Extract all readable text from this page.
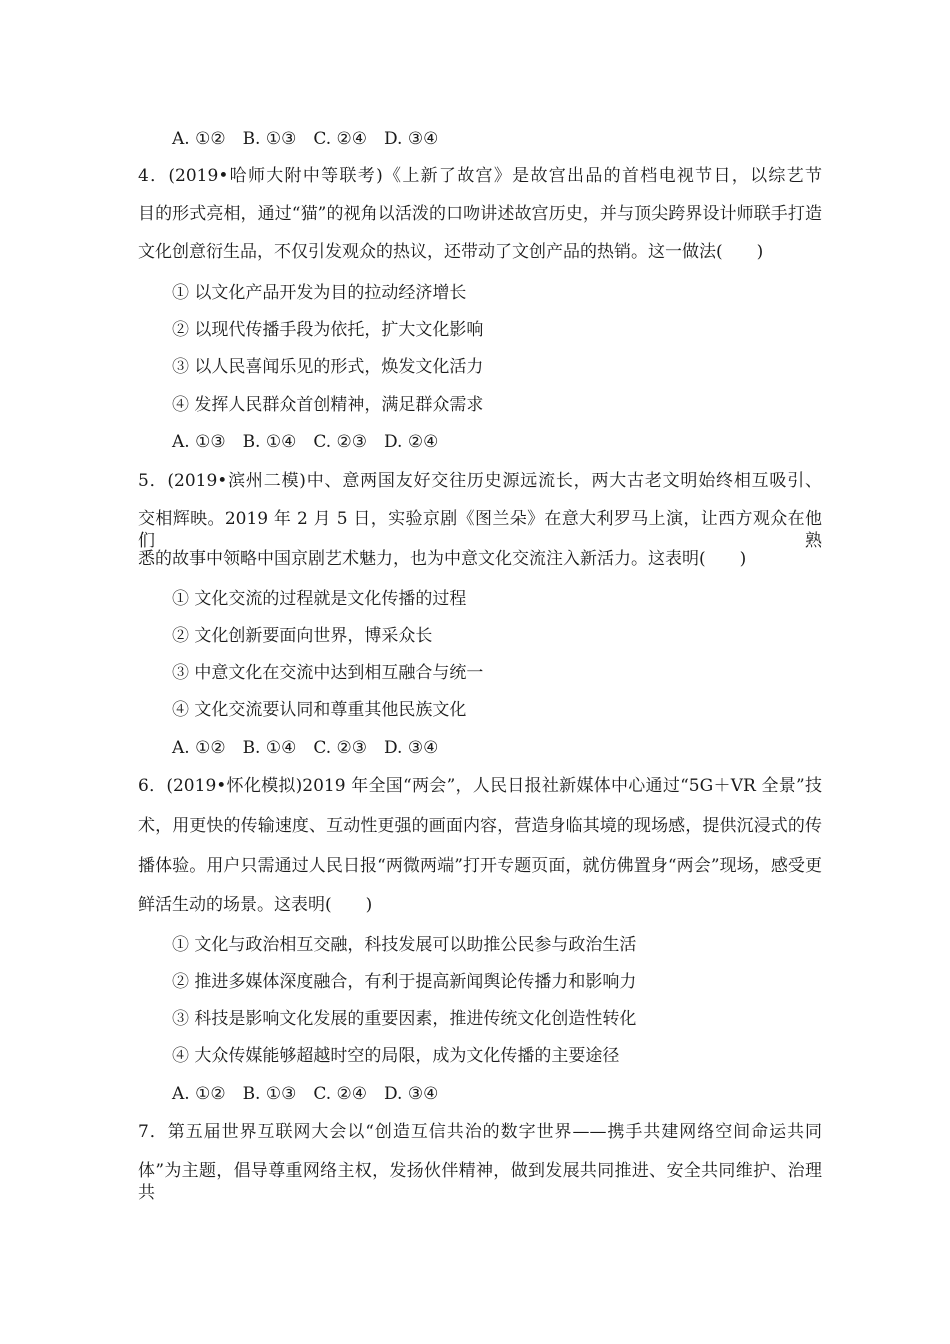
A. ①②　B. ①③　C. ②④　D. ③④
4．(2019•哈师大附中等联考)《上新了故宫》是故宫出品的首档电视节日，以综艺节
目的形式亮相，通过“猫”的视角以活泼的口吻讲述故宫历史，并与顶尖跨界设计师联手打造
文化创意衍生品，不仅引发观众的热议，还带动了文创产品的热销。这一做法(　　)
① 以文化产品开发为目的拉动经济增长
② 以现代传播手段为依托，扩大文化影响
③ 以人民喜闻乐见的形式，焕发文化活力
④ 发挥人民群众首创精神，满足群众需求
A. ①③　B. ①④　C. ②③　D. ②④
5．(2019•滨州二模)中、意两国友好交往历史源远流长，两大古老文明始终相互吸引、
交相辉映。2019 年 2 月 5 日，实验京剧《图兰朵》在意大利罗马上演，让西方观众在他们熟
悉的故事中领略中国京剧艺术魅力，也为中意文化交流注入新活力。这表明(　　)
① 文化交流的过程就是文化传播的过程
② 文化创新要面向世界，博采众长
③ 中意文化在交流中达到相互融合与统一
④ 文化交流要认同和尊重其他民族文化
A. ①②　B. ①④　C. ②③　D. ③④
6．(2019•怀化模拟)2019 年全国“两会”，人民日报社新媒体中心通过“5G＋VR 全景”技
术，用更快的传输速度、互动性更强的画面内容，营造身临其境的现场感，提供沉浸式的传
播体验。用户只需通过人民日报“两微两端”打开专题页面，就仿佛置身“两会”现场，感受更
鲜活生动的场景。这表明(　　)
① 文化与政治相互交融，科技发展可以助推公民参与政治生活
② 推进多媒体深度融合，有利于提高新闻舆论传播力和影响力
③ 科技是影响文化发展的重要因素，推进传统文化创造性转化
④ 大众传媒能够超越时空的局限，成为文化传播的主要途径
A. ①②　B. ①③　C. ②④　D. ③④
7．第五届世界互联网大会以“创造互信共治的数字世界——携手共建网络空间命运共同
体”为主题，倡导尊重网络主权，发扬伙伴精神，做到发展共同推进、安全共同维护、治理共
